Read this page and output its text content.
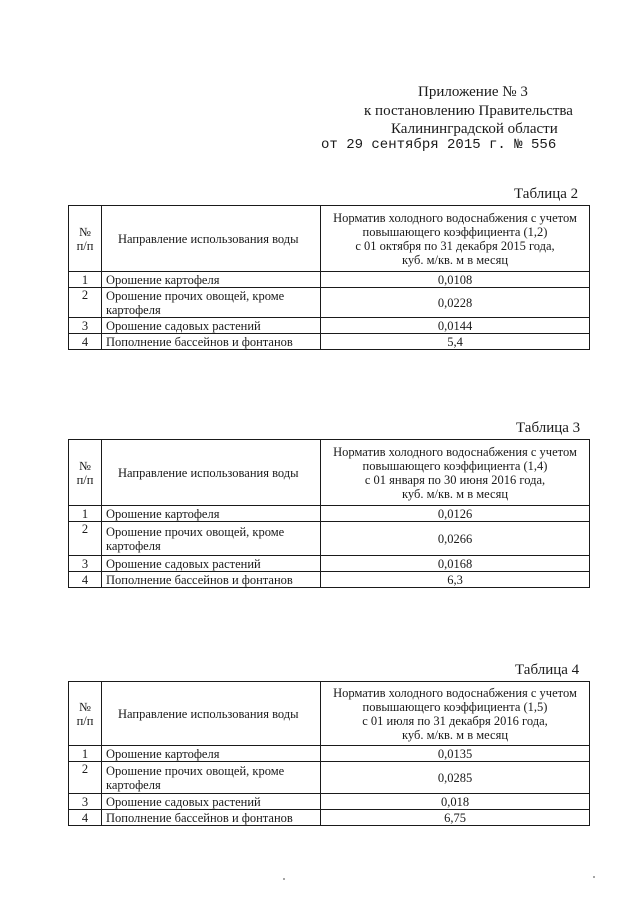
Приложение № 3
к постановлению Правительства
Калининградской области
от 29 сентября 2015 г. № 556
Таблица 2
№ п/п	Направление использования воды	Норматив холодного водоснабжения с учетом повышающего коэффициента (1,2)
с 01 октября по 31 декабря 2015 года,
куб. м/кв. м в месяц
1	Орошение картофеля	0,0108
2	Орошение прочих овощей, кроме картофеля	0,0228
3	Орошение садовых растений	0,0144
4	Пополнение бассейнов и фонтанов	5,4
Таблица 3
№ п/п	Направление использования воды	Норматив холодного водоснабжения с учетом повышающего коэффициента (1,4)
с 01 января по 30 июня 2016 года,
куб. м/кв. м в месяц
1	Орошение картофеля	0,0126
2	Орошение прочих овощей, кроме картофеля	0,0266
3	Орошение садовых растений	0,0168
4	Пополнение бассейнов и фонтанов	6,3
Таблица 4
№ п/п	Направление использования воды	Норматив холодного водоснабжения с учетом повышающего коэффициента (1,5)
с 01 июля по 31 декабря 2016 года,
куб. м/кв. м в месяц
1	Орошение картофеля	0,0135
2	Орошение прочих овощей, кроме картофеля	0,0285
3	Орошение садовых растений	0,018
4	Пополнение бассейнов и фонтанов	6,75
